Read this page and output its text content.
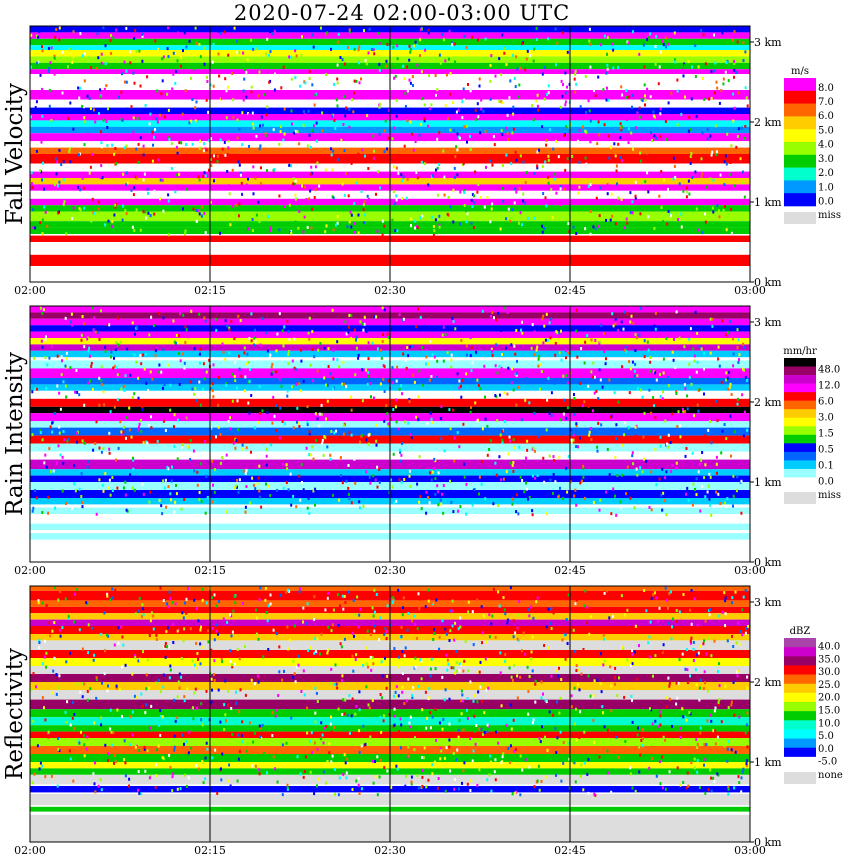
2020-07-24 02:00-03:00 UTC
02:00	02:15	02:30	02:45	03:00
0 km
1 km
2 km
3 km
Fall Velocity
m/s
8.0
7.0
6.0
5.0
4.0
3.0
2.0
1.0
0.0
miss
02:00	02:15	02:30	02:45	03:00
0 km
1 km
2 km
3 km
Rain Intensity
mm/hr
48.0
12.0
6.0
3.0
1.5
0.5
0.1
0.0
miss
02:00	02:15	02:30	02:45	03:00
0 km
1 km
2 km
3 km
Reflectivity
dBZ
40.0
35.0
30.0
25.0
20.0
15.0
10.0
5.0
0.0
-5.0
none
